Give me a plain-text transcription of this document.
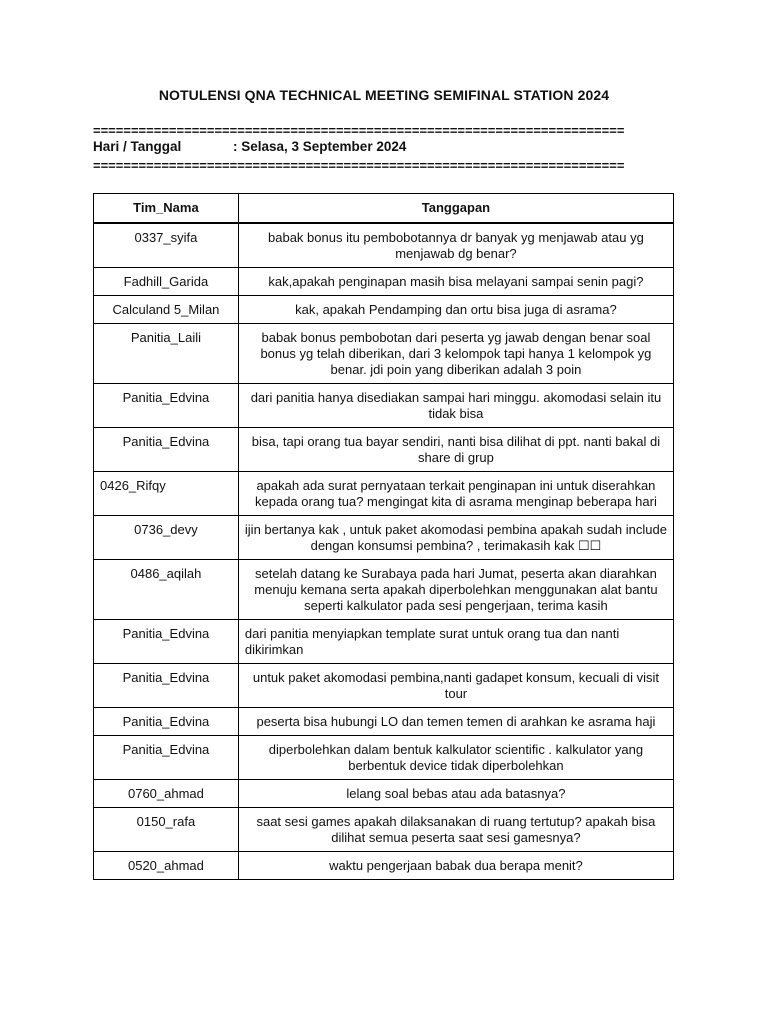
NOTULENSI QNA TECHNICAL MEETING SEMIFINAL STATION 2024
======================================================================
Hari / Tanggal	: Selasa, 3 September 2024
======================================================================
Tim_Nama	Tanggapan
0337_syifa	babak bonus itu pembobotannya dr banyak yg menjawab atau yg menjawab dg benar?
Fadhill_Garida	kak,apakah penginapan masih bisa melayani sampai senin pagi?
Calculand 5_Milan	kak, apakah Pendamping dan ortu bisa juga di asrama?
Panitia_Laili	babak bonus pembobotan dari peserta yg jawab dengan benar soal bonus yg telah diberikan, dari 3 kelompok tapi hanya 1 kelompok yg benar. jdi poin yang diberikan adalah 3 poin
Panitia_Edvina	dari panitia hanya disediakan sampai hari minggu. akomodasi selain itu tidak bisa
Panitia_Edvina	bisa, tapi orang tua bayar sendiri, nanti bisa dilihat di ppt. nanti bakal di share di grup
0426_Rifqy	apakah ada surat pernyataan terkait penginapan ini untuk diserahkan kepada orang tua? mengingat kita di asrama menginap beberapa hari
0736_devy	ijin bertanya kak , untuk paket akomodasi pembina apakah sudah include dengan konsumsi pembina? , terimakasih kak ☐☐
0486_aqilah	setelah datang ke Surabaya pada hari Jumat, peserta akan diarahkan menuju kemana serta apakah diperbolehkan menggunakan alat bantu seperti kalkulator pada sesi pengerjaan, terima kasih
Panitia_Edvina	dari panitia menyiapkan template surat untuk orang tua dan nanti dikirimkan
Panitia_Edvina	untuk paket akomodasi pembina,nanti gadapet konsum, kecuali di visit tour
Panitia_Edvina	peserta bisa hubungi LO dan temen temen di arahkan ke asrama haji
Panitia_Edvina	diperbolehkan dalam bentuk kalkulator scientific . kalkulator yang berbentuk device tidak diperbolehkan
0760_ahmad	lelang soal bebas atau ada batasnya?
0150_rafa	saat sesi games apakah dilaksanakan di ruang tertutup? apakah bisa dilihat semua peserta saat sesi gamesnya?
0520_ahmad	waktu pengerjaan babak dua berapa menit?
